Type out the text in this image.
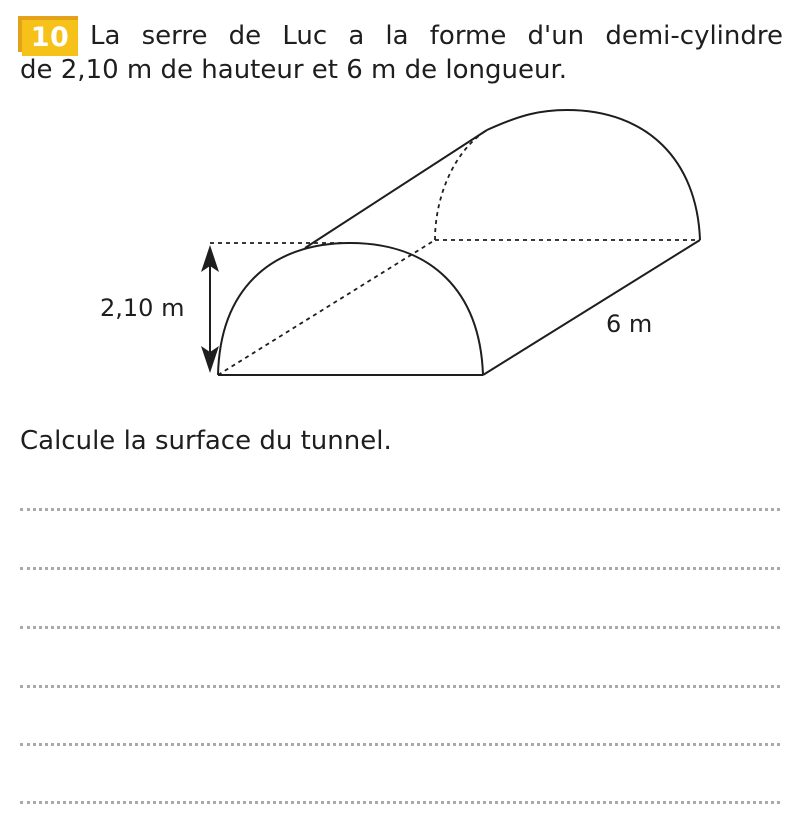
10 La serre de Luc a la forme d'un demi-cylindre
de 2,10 m de hauteur et 6 m de longueur.

2,10 m
6 m

Calcule la surface du tunnel.
